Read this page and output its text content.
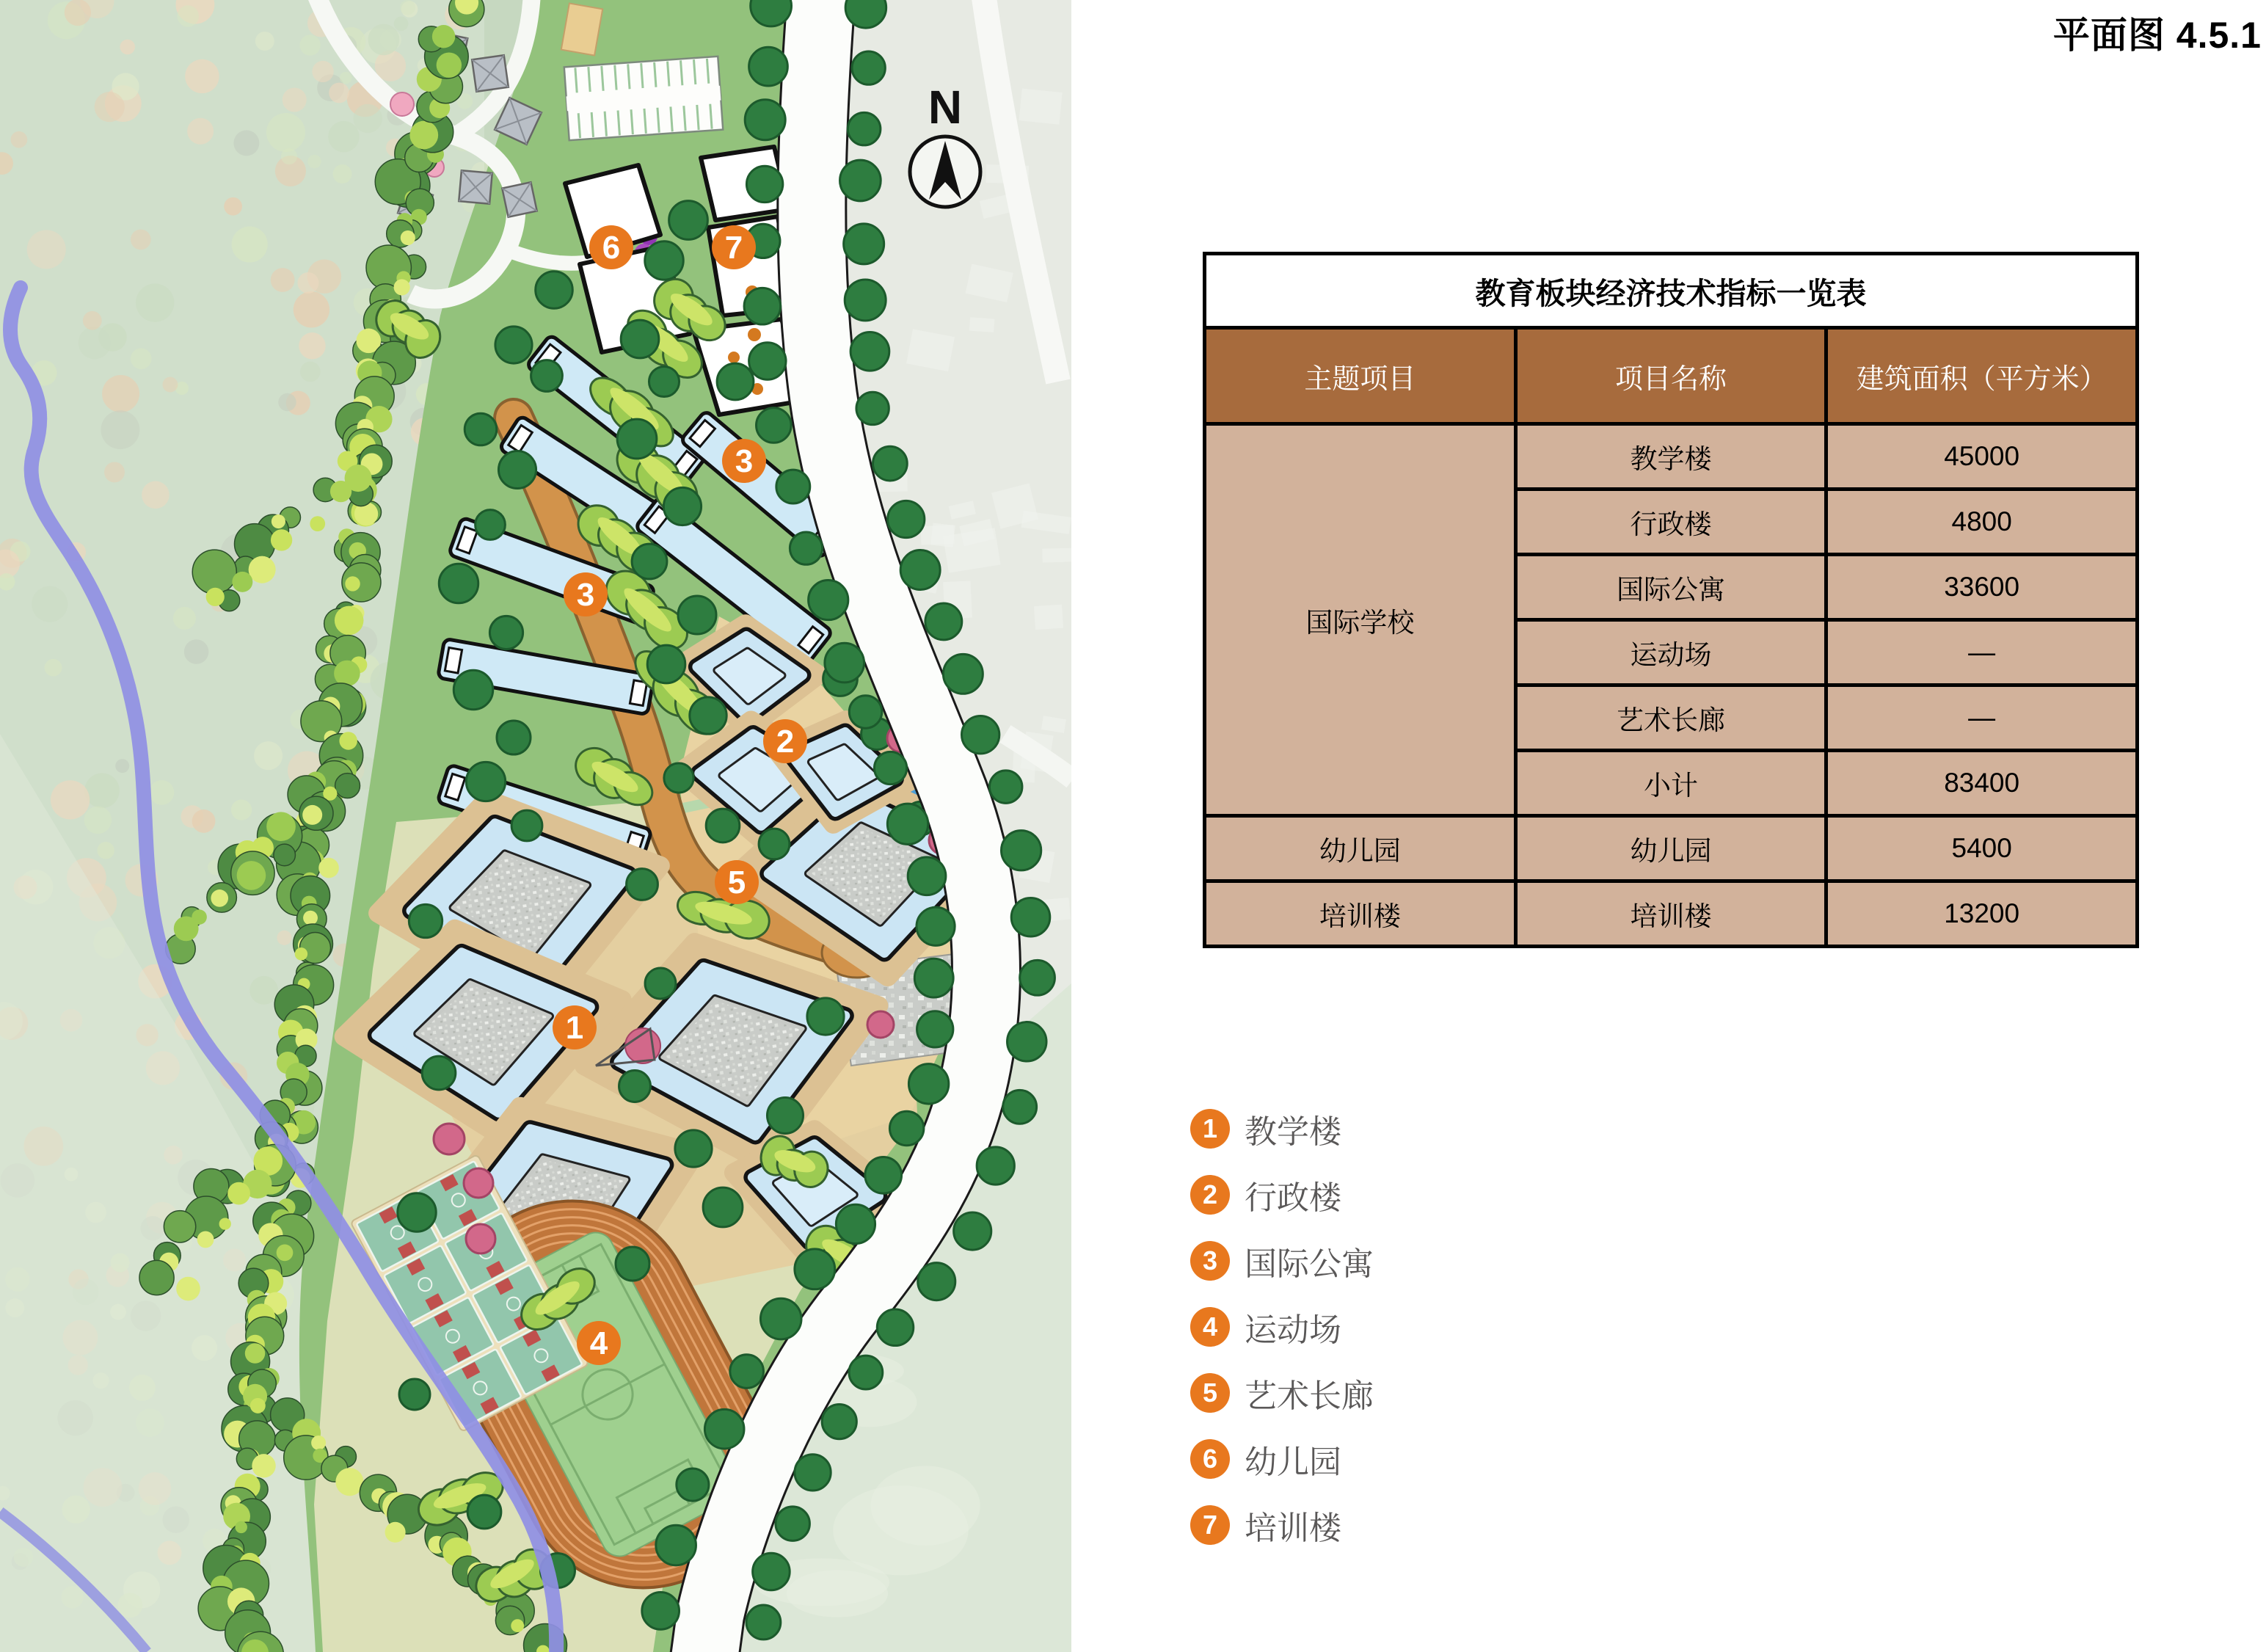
N
1
2
3
3
4
5
6	7
平面图 4.5.1
教育板块经济技术指标一览表		
主题项目	项目名称	建筑面积（平方米）
国际学校	教学楼	45000
	行政楼	4800
	国际公寓	33600
	运动场	—
	艺术长廊	—
	小计	83400
幼儿园	幼儿园	5400
培训楼	培训楼	13200
1 教学楼
2 行政楼
3 国际公寓
4 运动场
5 艺术长廊
6 幼儿园
7 培训楼
